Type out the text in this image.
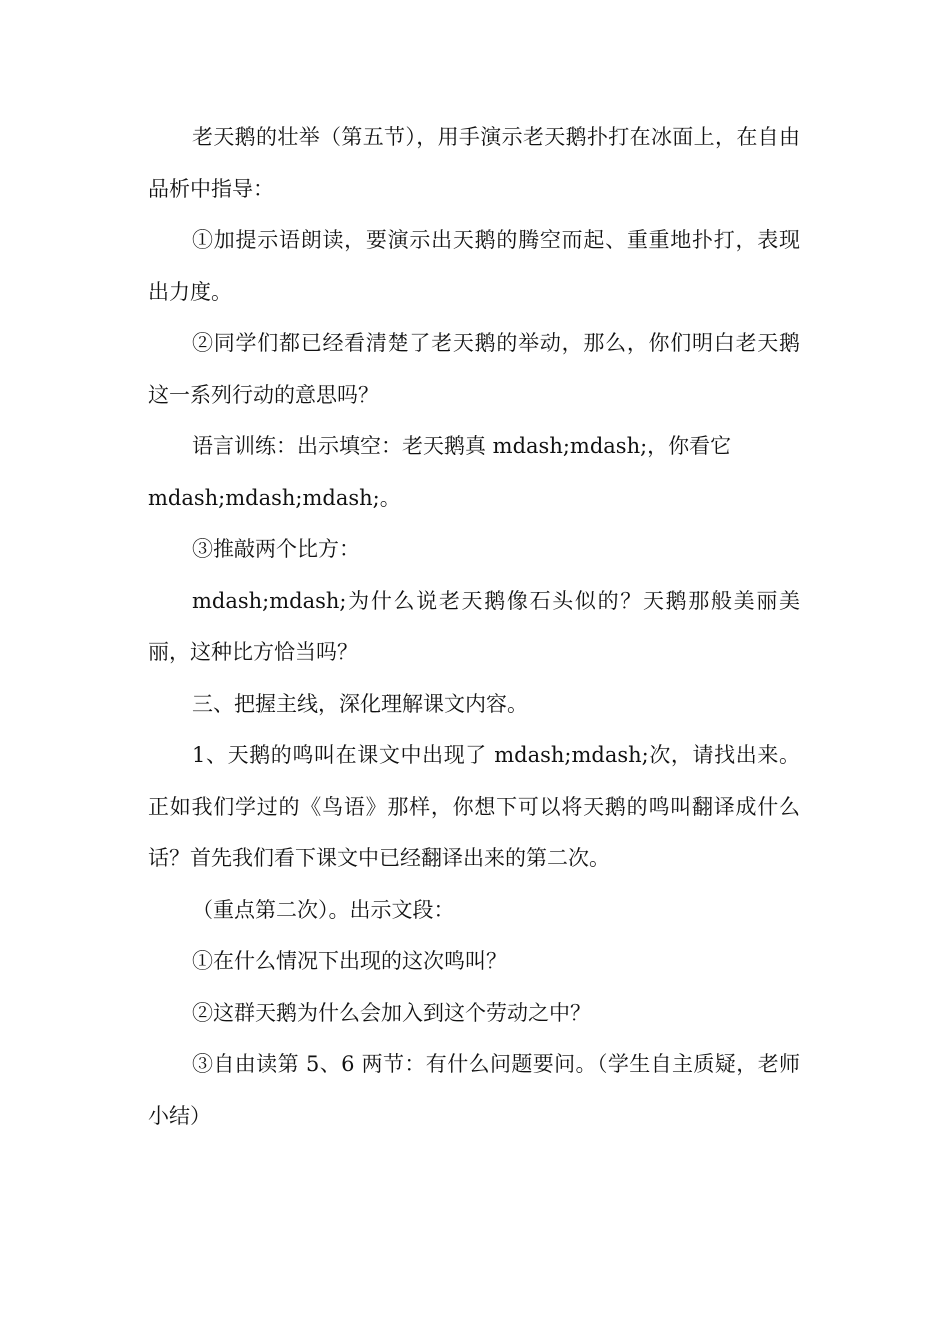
老天鹅的壮举（第五节），用手演示老天鹅扑打在冰面上，在自由品析中指导：

①加提示语朗读，要演示出天鹅的腾空而起、重重地扑打，表现出力度。

②同学们都已经看清楚了老天鹅的举动，那么，你们明白老天鹅这一系列行动的意思吗？

语言训练：出示填空：老天鹅真 mdash;mdash;，你看它

mdash;mdash;mdash;。

③推敲两个比方：

mdash;mdash;为什么说老天鹅像石头似的？天鹅那般美丽美丽，这种比方恰当吗？

三、把握主线，深化理解课文内容。

1、天鹅的鸣叫在课文中出现了 mdash;mdash;次，请找出来。正如我们学过的《鸟语》那样，你想下可以将天鹅的鸣叫翻译成什么话？首先我们看下课文中已经翻译出来的第二次。

（重点第二次）。出示文段：

①在什么情况下出现的这次鸣叫？

②这群天鹅为什么会加入到这个劳动之中？

③自由读第 5、6 两节：有什么问题要问。（学生自主质疑，老师小结）
